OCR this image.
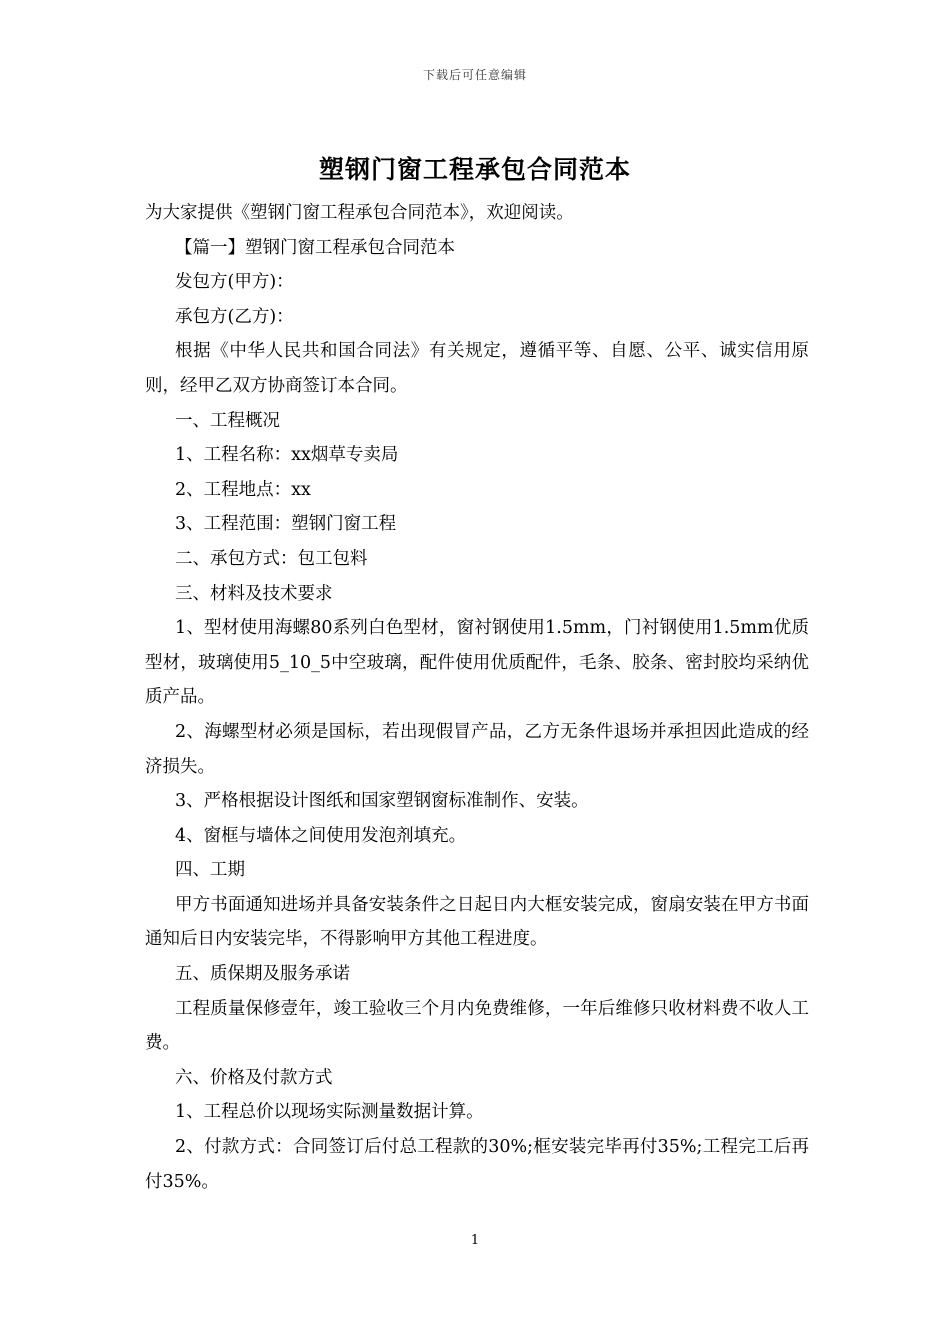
下载后可任意编辑
塑钢门窗工程承包合同范本

为大家提供《塑钢门窗工程承包合同范本》，欢迎阅读。

【篇一】塑钢门窗工程承包合同范本

发包方(甲方)：

承包方(乙方)：

根据《中华人民共和国合同法》有关规定，遵循平等、自愿、公平、诚实信用原则，经甲乙双方协商签订本合同。

一、工程概况

1、工程名称：xx烟草专卖局

2、工程地点：xx

3、工程范围：塑钢门窗工程

二、承包方式：包工包料

三、材料及技术要求

1、型材使用海螺80系列白色型材，窗衬钢使用1.5mm，门衬钢使用1.5mm优质型材，玻璃使用5_10_5中空玻璃，配件使用优质配件，毛条、胶条、密封胶均采纳优质产品。

2、海螺型材必须是国标，若出现假冒产品，乙方无条件退场并承担因此造成的经济损失。

3、严格根据设计图纸和国家塑钢窗标准制作、安装。

4、窗框与墙体之间使用发泡剂填充。

四、工期

甲方书面通知进场并具备安装条件之日起日内大框安装完成，窗扇安装在甲方书面通知后日内安装完毕，不得影响甲方其他工程进度。

五、质保期及服务承诺

工程质量保修壹年，竣工验收三个月内免费维修，一年后维修只收材料费不收人工费。

六、价格及付款方式

1、工程总价以现场实际测量数据计算。

2、付款方式：合同签订后付总工程款的30%;框安装完毕再付35%;工程完工后再付35%。

1
